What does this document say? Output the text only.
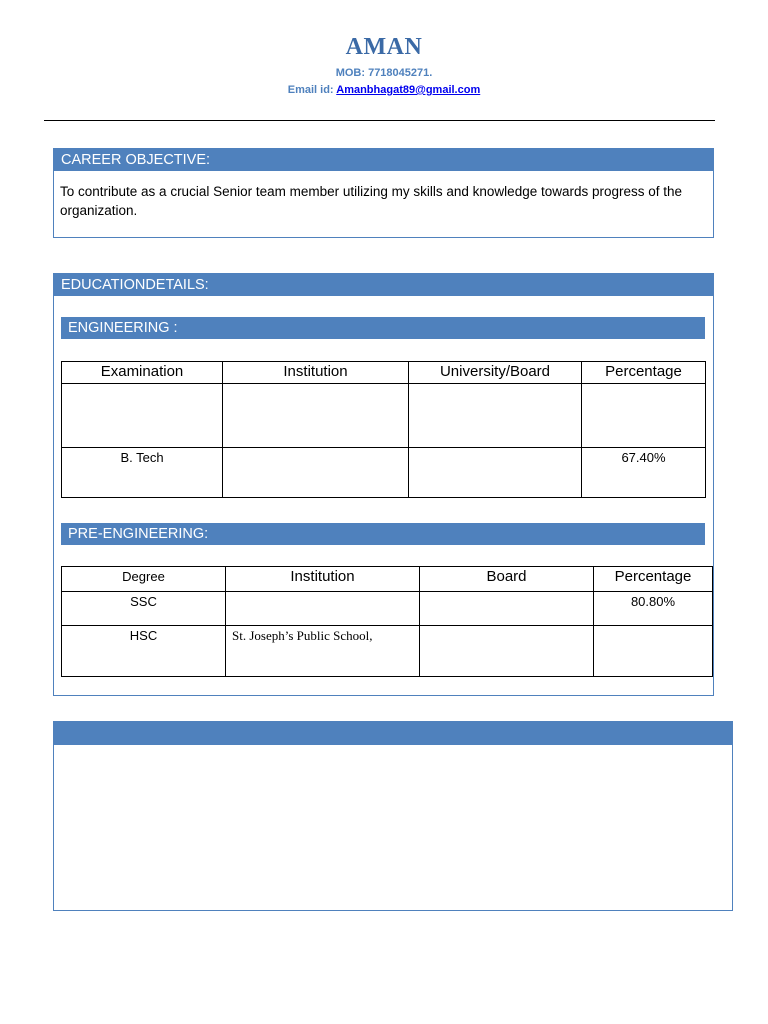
AMAN
MOB: 7718045271.
Email id: Amanbhagat89@gmail.com
CAREER OBJECTIVE:
To contribute as a crucial Senior team member utilizing my skills and knowledge towards progress of the organization.
EDUCATIONDETAILS:
ENGINEERING :
Examination	Institution	University/Board	Percentage

B. Tech			67.40%
PRE-ENGINEERING:
Degree	Institution	Board	Percentage
SSC			80.80%
HSC	St. Joseph’s Public School,		
